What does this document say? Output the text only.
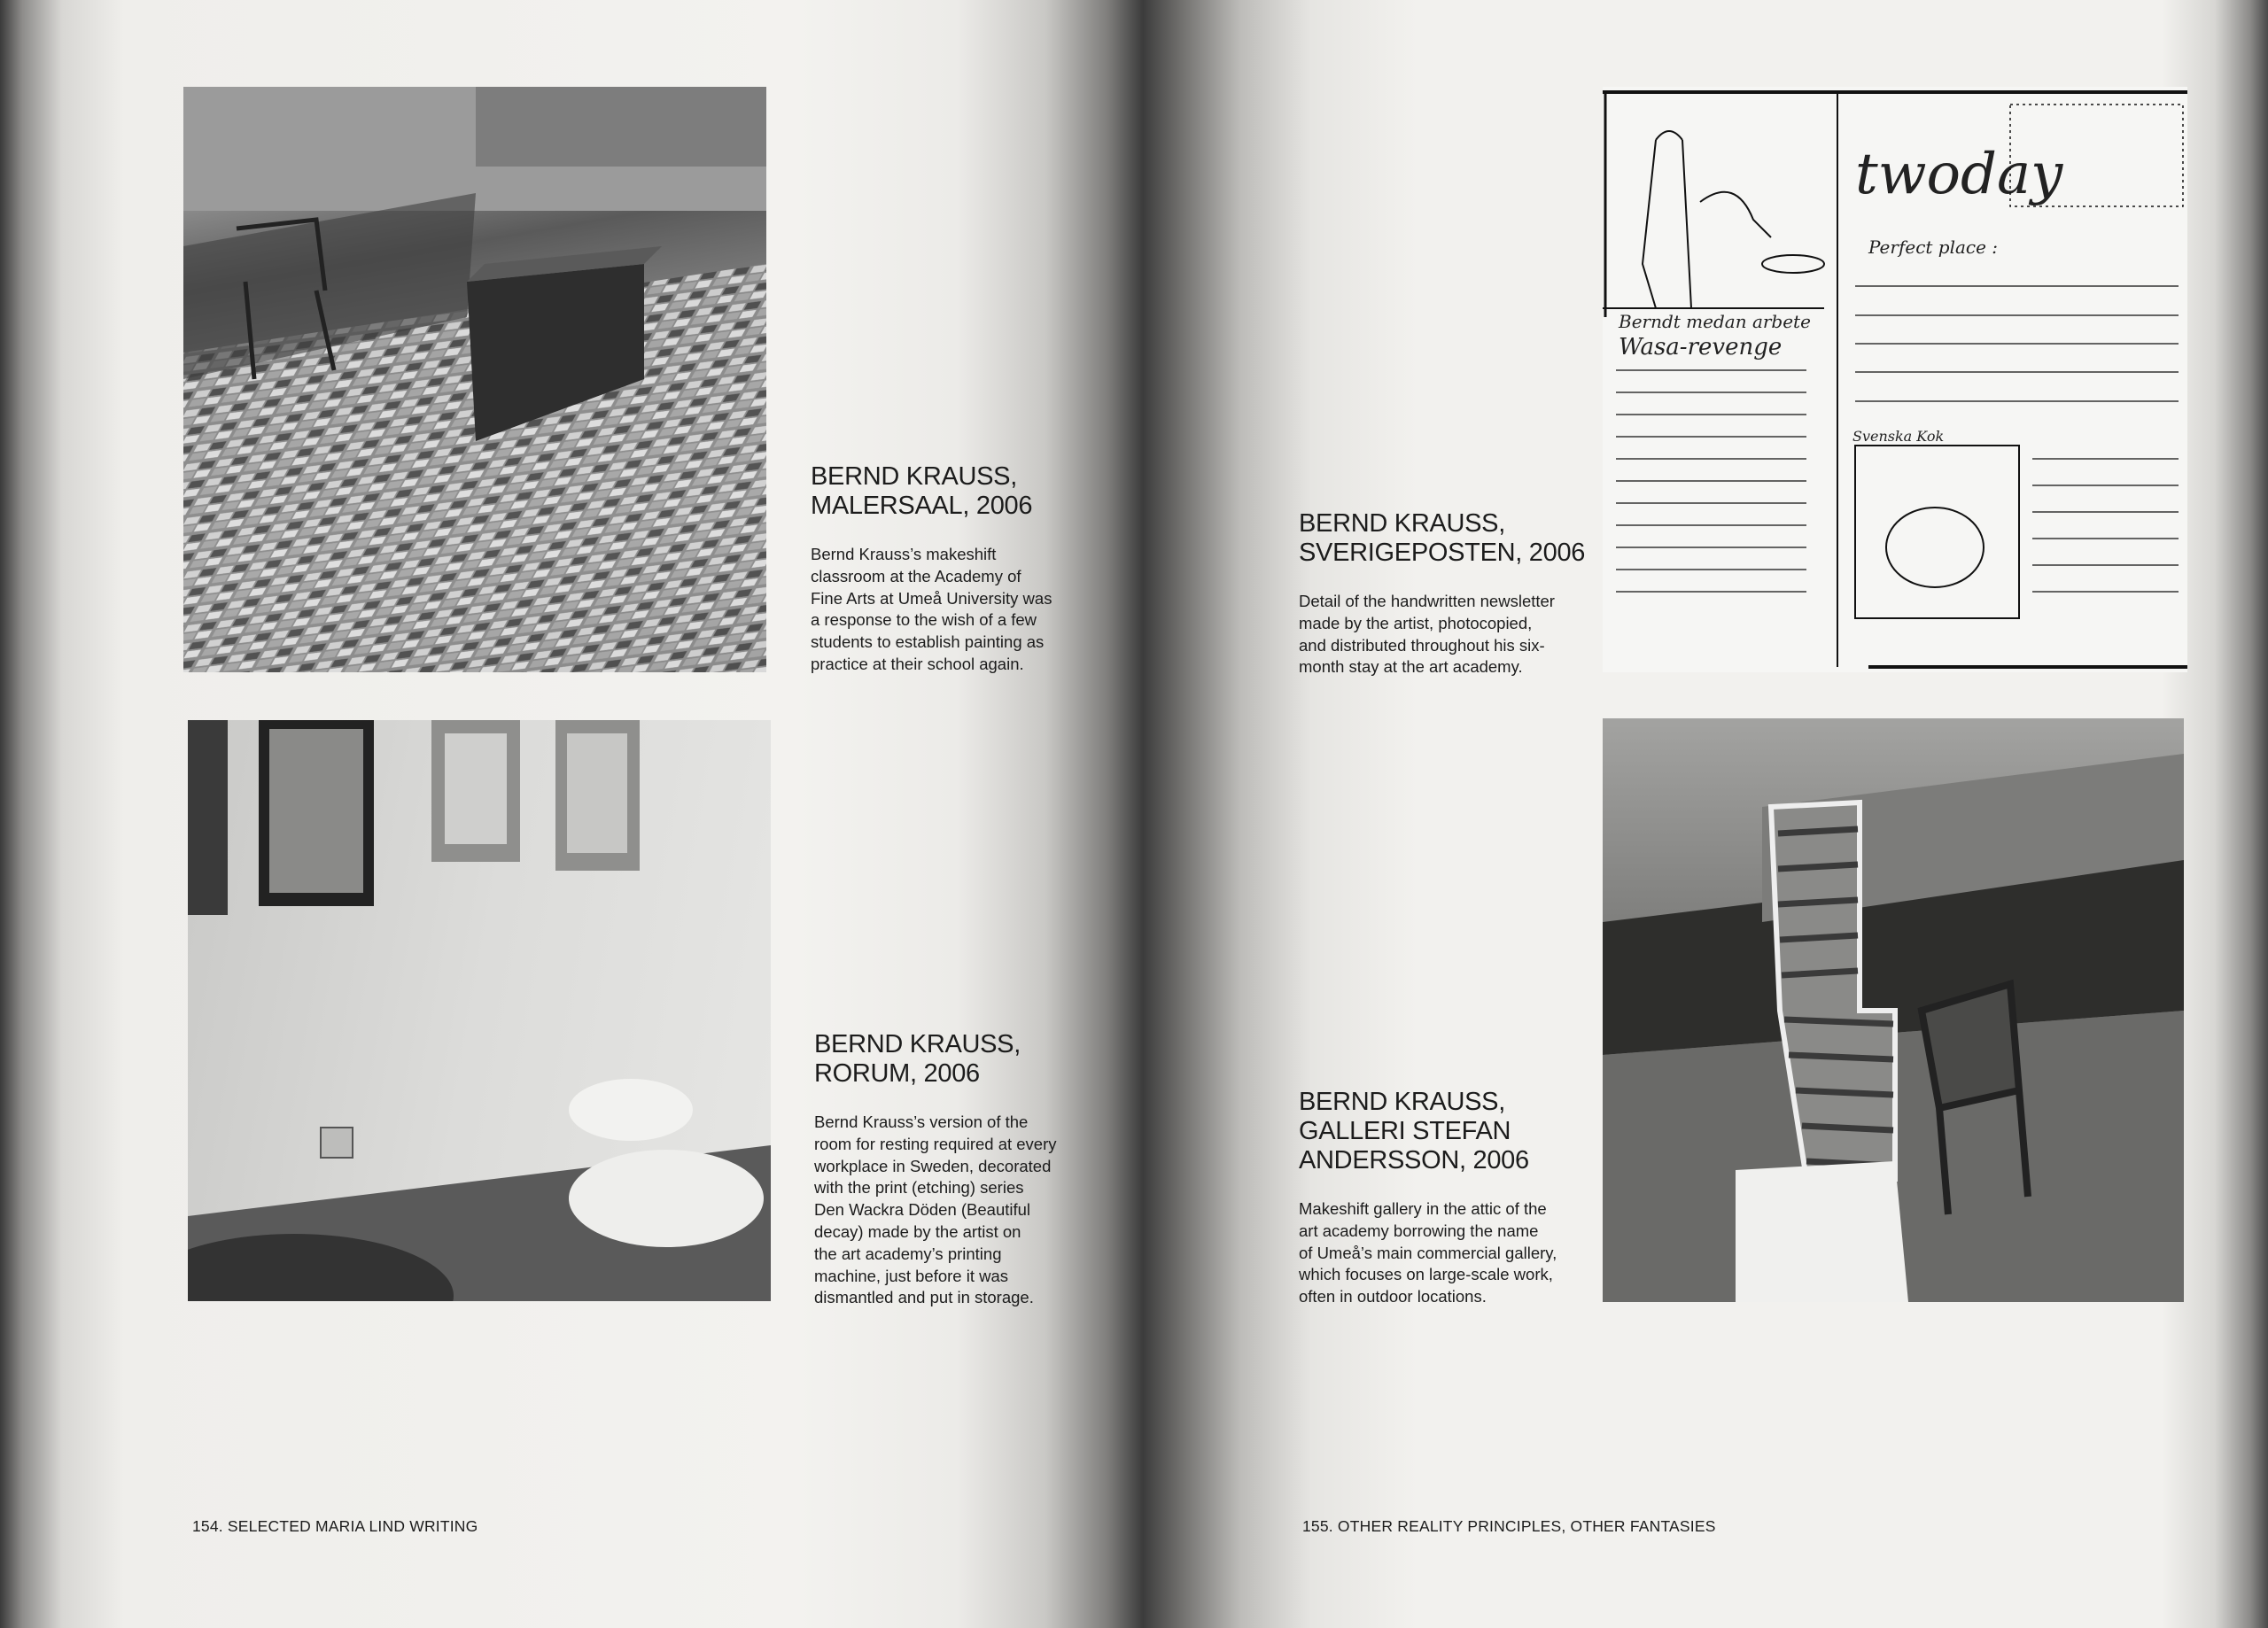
twoday
Berndt medan arbete
Wasa-revenge
Perfect place :
Svenska Kok
BERND KRAUSS,
MALERSAAL, 2006

Bernd Krauss’s makeshift
classroom at the Academy of
Fine Arts at Umeå University was
a response to the wish of a few
students to establish painting as
practice at their school again.

BERND KRAUSS,
RORUM, 2006

Bernd Krauss’s version of the
room for resting required at every
workplace in Sweden, decorated
with the print (etching) series
Den Wackra Döden (Beautiful
decay) made by the artist on
the art academy’s printing
machine, just before it was
dismantled and put in storage.

BERND KRAUSS,
SVERIGEPOSTEN, 2006

Detail of the handwritten newsletter
made by the artist, photocopied,
and distributed throughout his six-
month stay at the art academy.

BERND KRAUSS,
GALLERI STEFAN
ANDERSSON, 2006

Makeshift gallery in the attic of the
art academy borrowing the name
of Umeå’s main commercial gallery,
which focuses on large-scale work,
often in outdoor locations.

154. SELECTED MARIA LIND WRITING	155. OTHER REALITY PRINCIPLES, OTHER FANTASIES
